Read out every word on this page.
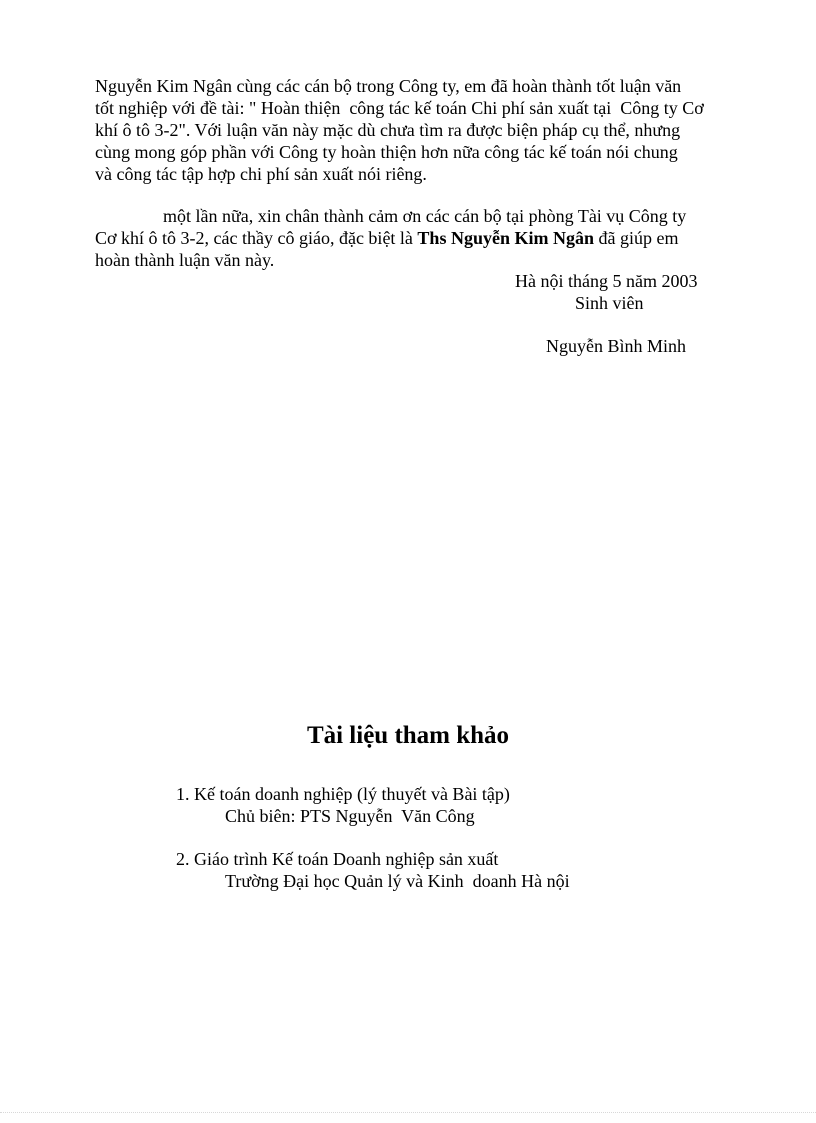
Nguyễn Kim Ngân cùng các cán bộ trong Công ty, em đã hoàn thành tốt luận văn
tốt nghiệp với đề tài: " Hoàn thiện  công tác kế toán Chi phí sản xuất tại  Công ty Cơ
khí ô tô 3-2". Với luận văn này mặc dù chưa tìm ra được biện pháp cụ thể, nhưng
cùng mong góp phần với Công ty hoàn thiện hơn nữa công tác kế toán nói chung
và công tác tập hợp chi phí sản xuất nói riêng.
một lần nữa, xin chân thành cảm ơn các cán bộ tại phòng Tài vụ Công ty
Cơ khí ô tô 3-2, các thầy cô giáo, đặc biệt là Ths Nguyễn Kim Ngân đã giúp em
hoàn thành luận văn này.
Hà nội tháng 5 năm 2003
Sinh viên
Nguyễn Bình Minh
Tài liệu tham khảo
1. Kế toán doanh nghiệp (lý thuyết và Bài tập)
Chủ biên: PTS Nguyễn  Văn Công
2. Giáo trình Kế toán Doanh nghiệp sản xuất
Trường Đại học Quản lý và Kinh  doanh Hà nội
